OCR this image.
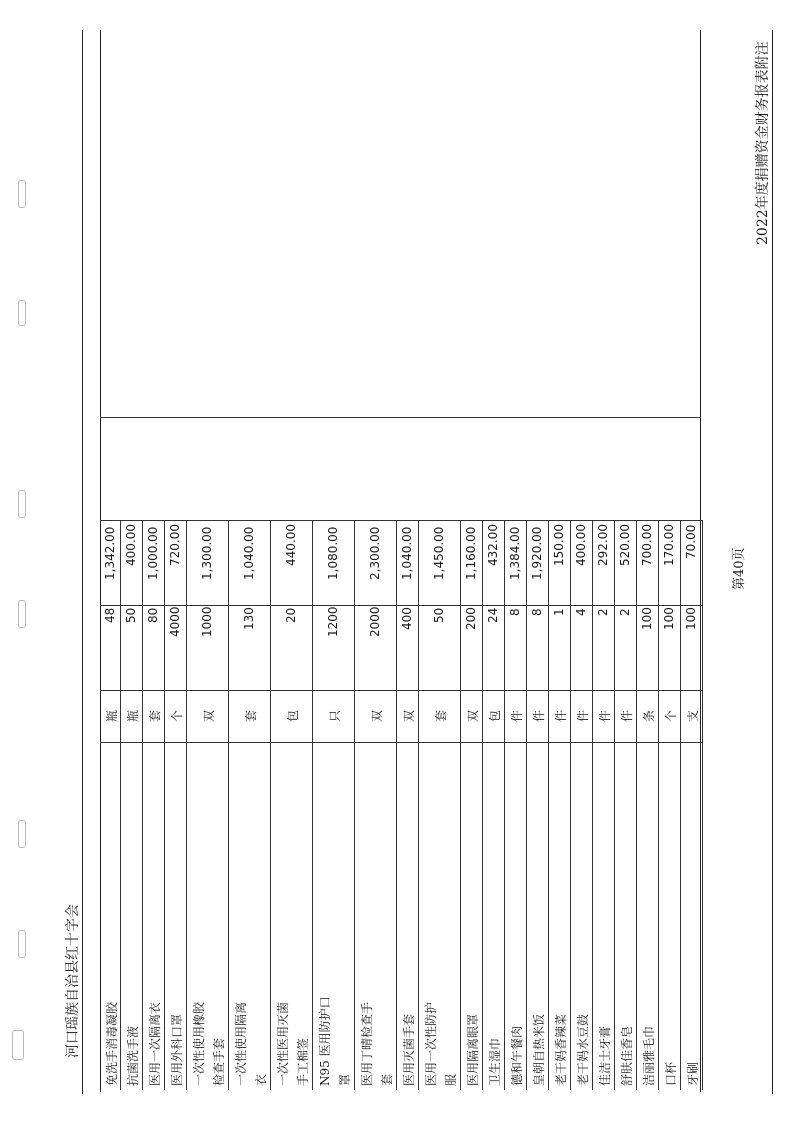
2022年度捐赠资金财务报表附注
河口瑶族自治县红十字会
第40页
免洗手消毒凝胶
瓶
48
1,342.00
抗菌洗手液
瓶
50
400.00
医用一次隔离衣
套
80
1,000.00
医用外科口罩
个
4000
720.00
一次性使用橡胶 检查手套
双
1000
1,300.00
一次性使用隔离 衣
套
130
1,040.00
一次性医用灭菌 手工棉签
包
20
440.00
N95 医用防护口 罩
只
1200
1,080.00
医用丁晴检查手 套
双
2000
2,300.00
医用灭菌手套
双
400
1,040.00
医用一次性防护 服
套
50
1,450.00
医用隔离眼罩
双
200
1,160.00
卫生湿巾
包
24
432.00
德和午餐肉
件
8
1,384.00
皇朝自热米饭
件
8
1,920.00
老干妈香辣菜
件
1
150.00
老干妈水豆鼓
件
4
400.00
佳洁士牙膏
件
2
292.00
舒肤佳香皂
件
2
520.00
洁丽雅毛巾
条
100
700.00
口杯
个
100
170.00
牙刷
支
100
70.00
